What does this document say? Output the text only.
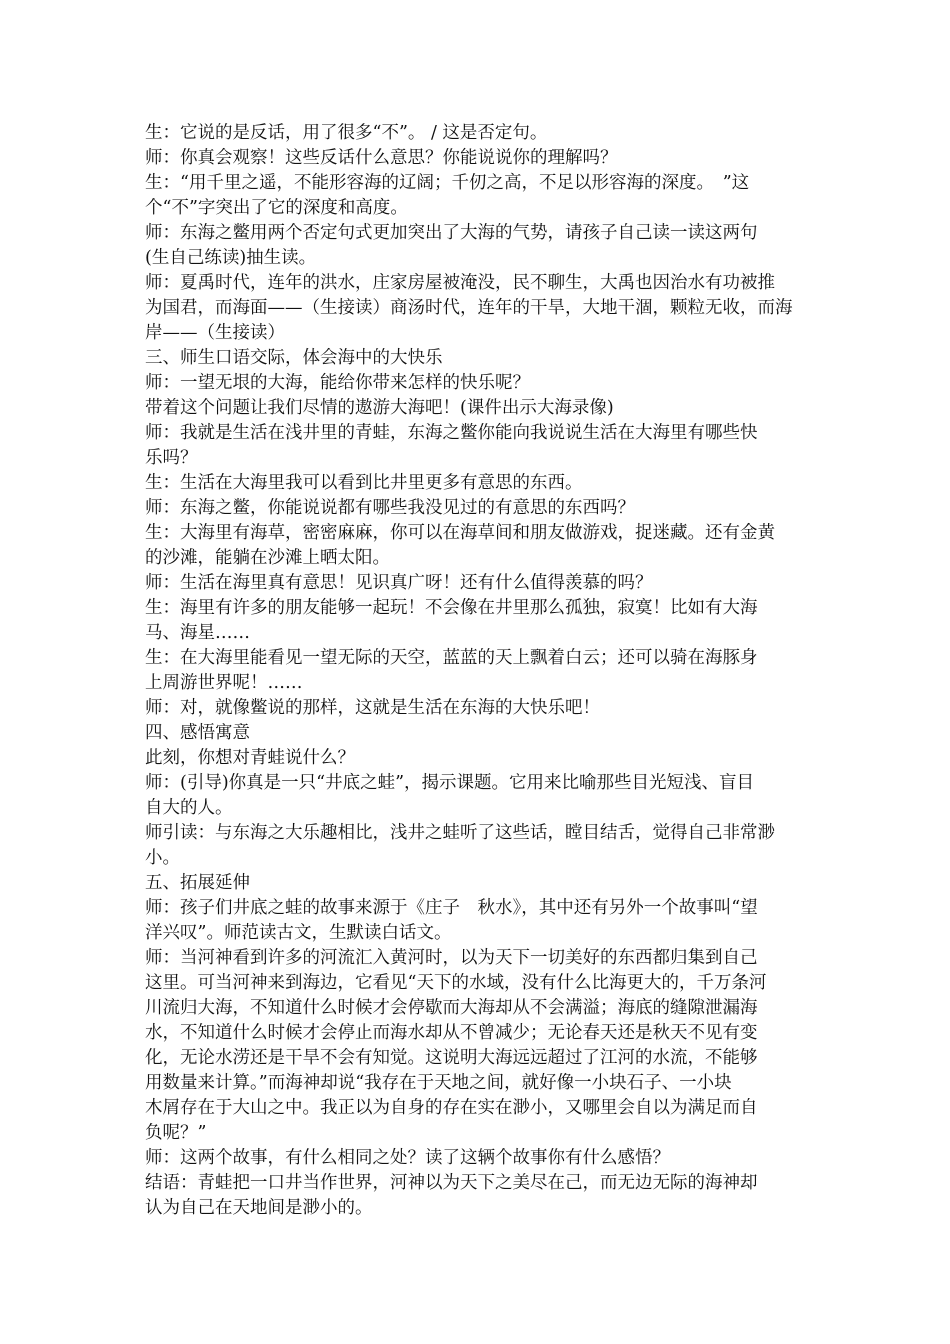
生：它说的是反话，用了很多“不”。 / 这是否定句。

师：你真会观察！这些反话什么意思？你能说说你的理解吗？

生：“用千里之遥，不能形容海的辽阔；千仞之高，不足以形容海的深度。　”这

个“不”字突出了它的深度和高度。

师：东海之鳖用两个否定句式更加突出了大海的气势，请孩子自己读一读这两句

(生自己练读)抽生读。

师：夏禹时代，连年的洪水，庄家房屋被淹没，民不聊生，大禹也因治水有功被推

为国君，而海面——（生接读）商汤时代，连年的干旱，大地干涸，颗粒无收，而海

岸——（生接读）

三、师生口语交际，体会海中的大快乐

师：一望无垠的大海，能给你带来怎样的快乐呢？

带着这个问题让我们尽情的遨游大海吧！(课件出示大海录像)

师：我就是生活在浅井里的青蛙，东海之鳖你能向我说说生活在大海里有哪些快

乐吗？

生：生活在大海里我可以看到比井里更多有意思的东西。

师：东海之鳖，你能说说都有哪些我没见过的有意思的东西吗？

生：大海里有海草，密密麻麻，你可以在海草间和朋友做游戏，捉迷藏。还有金黄

的沙滩，能躺在沙滩上晒太阳。

师：生活在海里真有意思！见识真广呀！还有什么值得羡慕的吗？

生：海里有许多的朋友能够一起玩！不会像在井里那么孤独，寂寞！比如有大海

马、海星……

生：在大海里能看见一望无际的天空，蓝蓝的天上飘着白云；还可以骑在海豚身

上周游世界呢！……

师：对，就像鳖说的那样，这就是生活在东海的大快乐吧！

四、感悟寓意

此刻，你想对青蛙说什么？

师：(引导)你真是一只“井底之蛙”，揭示课题。它用来比喻那些目光短浅、盲目

自大的人。

师引读：与东海之大乐趣相比，浅井之蛙听了这些话，瞠目结舌，觉得自己非常渺

小。

五、拓展延伸

师：孩子们井底之蛙的故事来源于《庄子　秋水》，其中还有另外一个故事叫“望

洋兴叹”。师范读古文，生默读白话文。

师：当河神看到许多的河流汇入黄河时，以为天下一切美好的东西都归集到自己

这里。可当河神来到海边，它看见“天下的水域，没有什么比海更大的，千万条河

川流归大海，不知道什么时候才会停歇而大海却从不会满溢；海底的缝隙泄漏海

水，不知道什么时候才会停止而海水却从不曾减少；无论春天还是秋天不见有变

化，无论水涝还是干旱不会有知觉。这说明大海远远超过了江河的水流，不能够

用数量来计算。”而海神却说“我存在于天地之间，就好像一小块石子、一小块

木屑存在于大山之中。我正以为自身的存在实在渺小，又哪里会自以为满足而自

负呢？”

师：这两个故事，有什么相同之处？读了这辆个故事你有什么感悟？

结语：青蛙把一口井当作世界，河神以为天下之美尽在己，而无边无际的海神却

认为自己在天地间是渺小的。
